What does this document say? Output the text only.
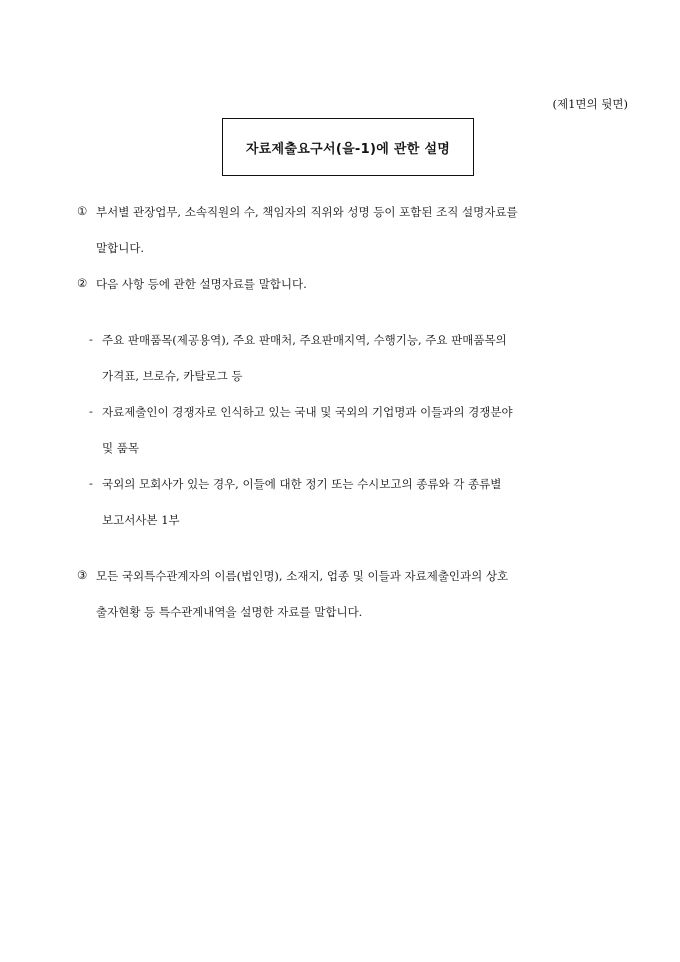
(제1면의 뒷면)
자료제출요구서(을-1)에 관한 설명
① 부서별 관장업무, 소속직원의 수, 책임자의 직위와 성명 등이 포함된 조직 설명자료를
말합니다.
② 다음 사항 등에 관한 설명자료를 말합니다.
- 주요 판매품목(제공용역), 주요 판매처, 주요판매지역, 수행기능, 주요 판매품목의
가격표, 브로슈, 카탈로그 등
- 자료제출인이 경쟁자로 인식하고 있는 국내 및 국외의 기업명과 이들과의 경쟁분야
및 품목
- 국외의 모회사가 있는 경우, 이들에 대한 정기 또는 수시보고의 종류와 각 종류별
보고서사본 1부
③ 모든 국외특수관계자의 이름(법인명), 소재지, 업종 및 이들과 자료제출인과의 상호
출자현황 등 특수관계내역을 설명한 자료를 말합니다.
